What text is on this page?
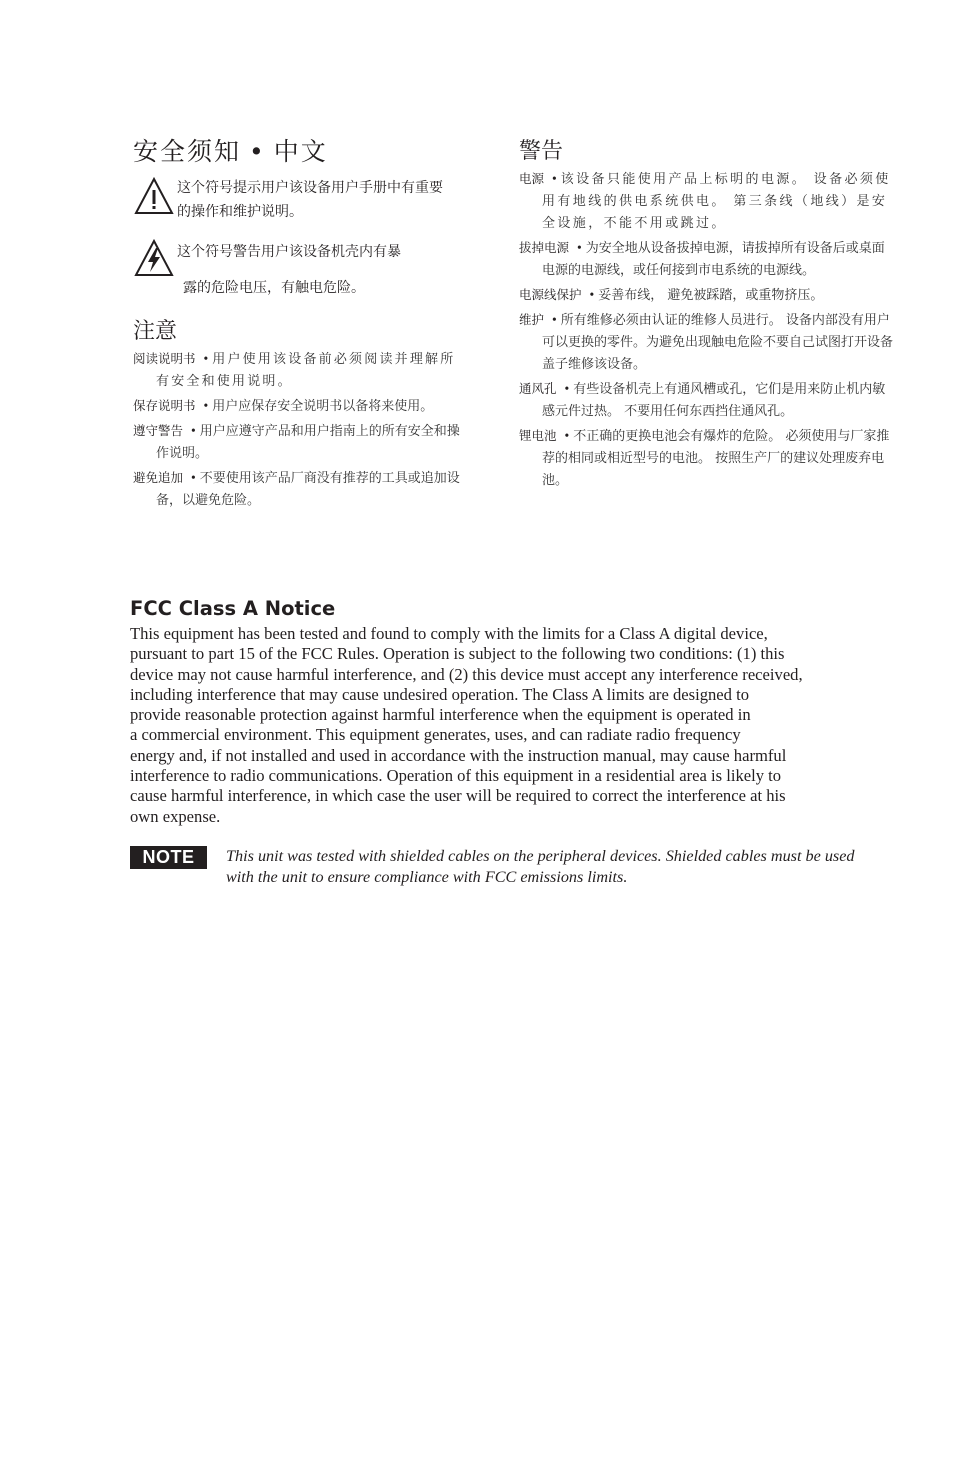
安全须知 • 中文
这个符号提示用户该设备用户手册中有重要的操作和维护说明。
这个符号警告用户该设备机壳内有暴
露的危险电压，有触电危险。
注意
阅读说明书 • 用户使用该设备前必须阅读并理解所有安全和使用说明。
保存说明书 • 用户应保存安全说明书以备将来使用。
遵守警告 • 用户应遵守产品和用户指南上的所有安全和操作说明。
避免追加 • 不要使用该产品厂商没有推荐的工具或追加设备，以避免危险。
警告
电源 • 该设备只能使用产品上标明的电源。 设备必须使用有地线的供电系统供电。 第三条线（地线）是安全设施，不能不用或跳过。
拔掉电源 • 为安全地从设备拔掉电源，请拔掉所有设备后或桌面电源的电源线，或任何接到市电系统的电源线。
电源线保护 • 妥善布线， 避免被踩踏，或重物挤压。
维护 • 所有维修必须由认证的维修人员进行。 设备内部没有用户可以更换的零件。为避免出现触电危险不要自己试图打开设备盖子维修该设备。
通风孔 • 有些设备机壳上有通风槽或孔，它们是用来防止机内敏感元件过热。 不要用任何东西挡住通风孔。
锂电池 • 不正确的更换电池会有爆炸的危险。 必须使用与厂家推荐的相同或相近型号的电池。 按照生产厂的建议处理废弃电池。
FCC Class A Notice

This equipment has been tested and found to comply with the limits for a Class A digital device,
pursuant to part 15 of the FCC Rules. Operation is subject to the following two conditions: (1) this
device may not cause harmful interference, and (2) this device must accept any interference received,
including interference that may cause undesired operation. The Class A limits are designed to
provide reasonable protection against harmful interference when the equipment is operated in
a commercial environment. This equipment generates, uses, and can radiate radio frequency
energy and, if not installed and used in accordance with the instruction manual, may cause harmful
interference to radio communications. Operation of this equipment in a residential area is likely to
cause harmful interference, in which case the user will be required to correct the interference at his
own expense.

NOTE	This unit was tested with shielded cables on the peripheral devices. Shielded cables must be used
with the unit to ensure compliance with FCC emissions limits.
